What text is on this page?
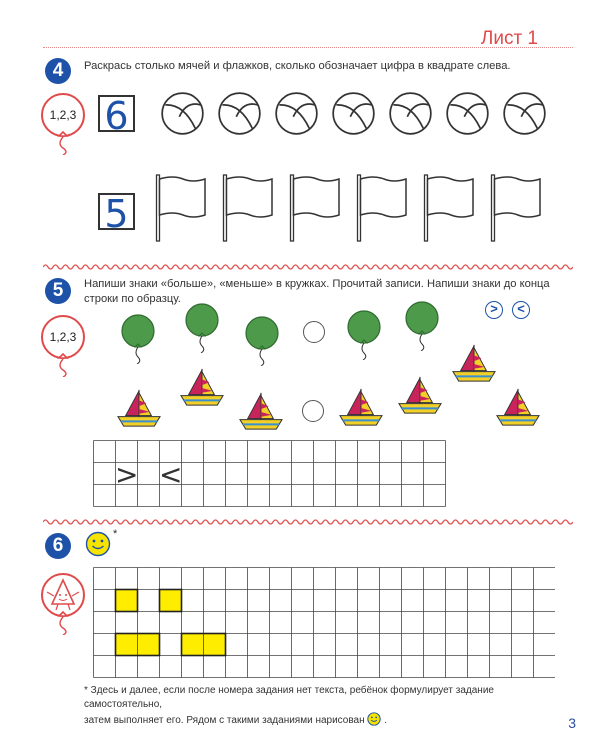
Лист 1
4	Раскрась столько мячей и флажков, сколько обозначает цифра в квадрате слева.
1,2,3 6
5
5	Напиши знаки «больше», «меньше» в кружках. Прочитай записи. Напиши знаки до конца
строки по образцу.
1,2,3
>	<
> <
6
*
* Здесь и далее, если после номера задания нет текста, ребёнок формулирует задание самостоятельно,
затем выполняет его. Рядом с такими заданиями нарисован  .	3
